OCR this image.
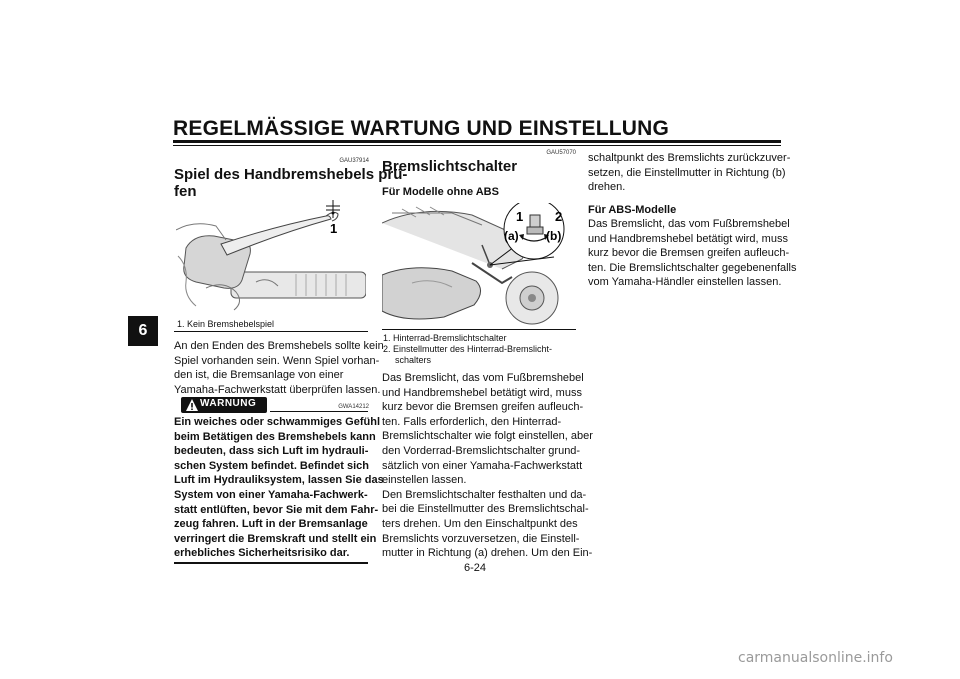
REGELMÄSSIGE WARTUNG UND EINSTELLUNG
6
GAU37914
Spiel des Handbremshebels prü-
fen
1
1. Kein Bremshebelspiel
An den Enden des Bremshebels sollte kein
Spiel vorhanden sein. Wenn Spiel vorhan-
den ist, die Bremsanlage von einer
Yamaha-Fachwerkstatt überprüfen lassen.
WARNUNG	GWA14212
Ein weiches oder schwammiges Gefühl
beim Betätigen des Bremshebels kann
bedeuten, dass sich Luft im hydrauli-
schen System befindet. Befindet sich
Luft im Hydrauliksystem, lassen Sie das
System von einer Yamaha-Fachwerk-
statt entlüften, bevor Sie mit dem Fahr-
zeug fahren. Luft in der Bremsanlage
verringert die Bremskraft und stellt ein
erhebliches Sicherheitsrisiko dar.
GAU57070
Bremslichtschalter
Für Modelle ohne ABS
1 2
(a) (b)
1. Hinterrad-Bremslichtschalter
2. Einstellmutter des Hinterrad-Bremslicht-
schalters
Das Bremslicht, das vom Fußbremshebel
und Handbremshebel betätigt wird, muss
kurz bevor die Bremsen greifen aufleuch-
ten. Falls erforderlich, den Hinterrad-
Bremslichtschalter wie folgt einstellen, aber
den Vorderrad-Bremslichtschalter grund-
sätzlich von einer Yamaha-Fachwerkstatt
einstellen lassen.
Den Bremslichtschalter festhalten und da-
bei die Einstellmutter des Bremslichtschal-
ters drehen. Um den Einschaltpunkt des
Bremslichts vorzuversetzen, die Einstell-
mutter in Richtung (a) drehen. Um den Ein-
schaltpunkt des Bremslichts zurückzuver-
setzen, die Einstellmutter in Richtung (b)
drehen.
Für ABS-Modelle
Das Bremslicht, das vom Fußbremshebel
und Handbremshebel betätigt wird, muss
kurz bevor die Bremsen greifen aufleuch-
ten. Die Bremslichtschalter gegebenenfalls
vom Yamaha-Händler einstellen lassen.
6-24
carmanualsonline.info
